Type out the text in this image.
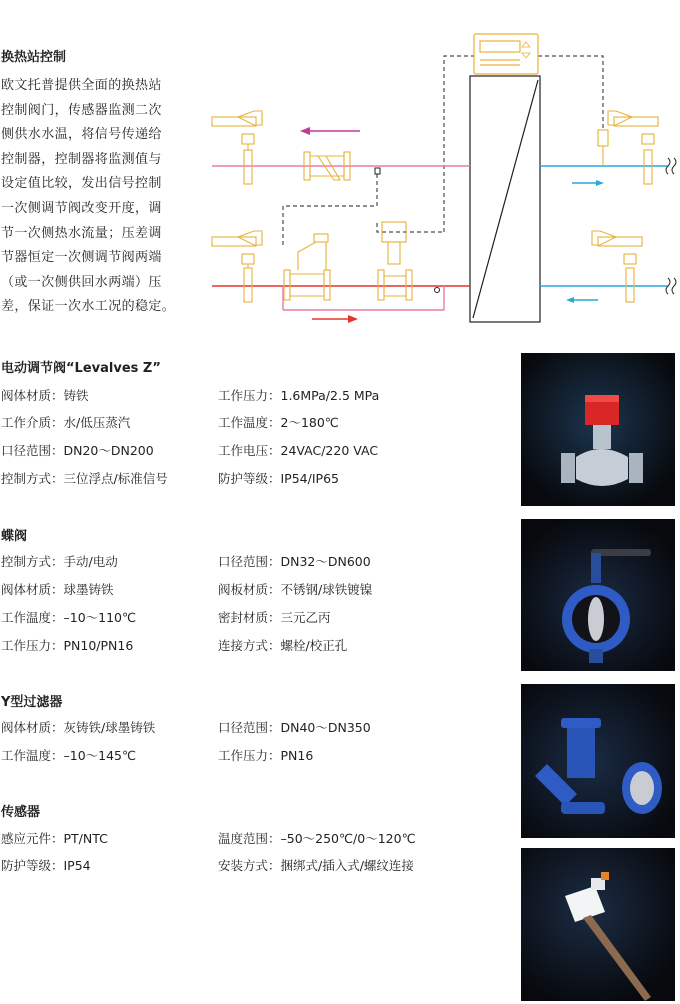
换热站控制

欧文托普提供全面的换热站

控制阀门，传感器监测二次

侧供水水温，将信号传递给

控制器，控制器将监测值与

设定值比较，发出信号控制

一次侧调节阀改变开度，调

节一次侧热水流量；压差调

节器恒定一次侧调节阀两端

（或一次侧供回水两端）压

差，保证一次水工况的稳定。

电动调节阀“Levalves Z”
阀体材质：铸铁
工作介质：水/低压蒸汽
口径范围：DN20～DN200
控制方式：三位浮点/标准信号
工作压力：1.6MPa/2.5 MPa
工作温度：2～180℃
工作电压：24VAC/220 VAC
防护等级：IP54/IP65
蝶阀
控制方式：手动/电动
阀体材质：球墨铸铁
工作温度：–10～110℃
工作压力：PN10/PN16
口径范围：DN32～DN600
阀板材质：不锈钢/球铁镀镍
密封材质：三元乙丙
连接方式：螺栓/校正孔
Y型过滤器
阀体材质：灰铸铁/球墨铸铁
工作温度：–10～145℃
口径范围：DN40～DN350
工作压力：PN16
传感器
感应元件：PT/NTC
防护等级：IP54
温度范围：–50～250℃/0～120℃
安装方式：捆绑式/插入式/螺纹连接
